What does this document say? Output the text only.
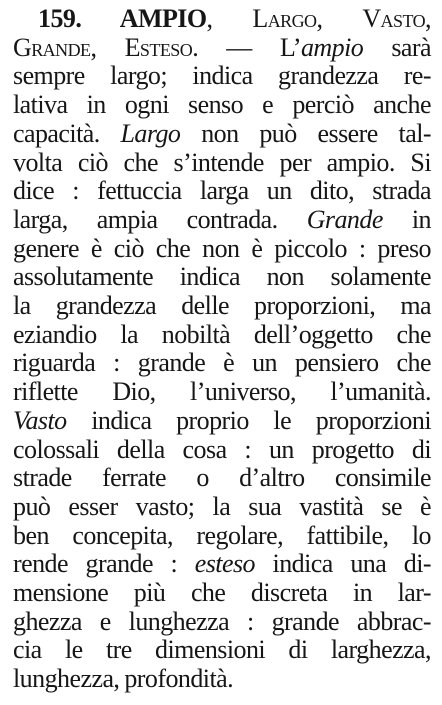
159. AMPIO, Largo, Vasto,
Grande, Esteso. — L’ampio sarà
sempre largo; indica grandezza re-
lativa in ogni senso e perciò anche
capacità. Largo non può essere tal-
volta ciò che s’intende per ampio. Si
dice : fettuccia larga un dito, strada
larga, ampia contrada. Grande in
genere è ciò che non è piccolo : preso
assolutamente indica non solamente
la grandezza delle proporzioni, ma
eziandio la nobiltà dell’oggetto che
riguarda : grande è un pensiero che
riflette Dio, l’universo, l’umanità.
Vasto indica proprio le proporzioni
colossali della cosa : un progetto di
strade ferrate o d’altro consimile
può esser vasto; la sua vastità se è
ben concepita, regolare, fattibile, lo
rende grande : esteso indica una di-
mensione più che discreta in lar-
ghezza e lunghezza : grande abbrac-
cia le tre dimensioni di larghezza,
lunghezza, profondità.
